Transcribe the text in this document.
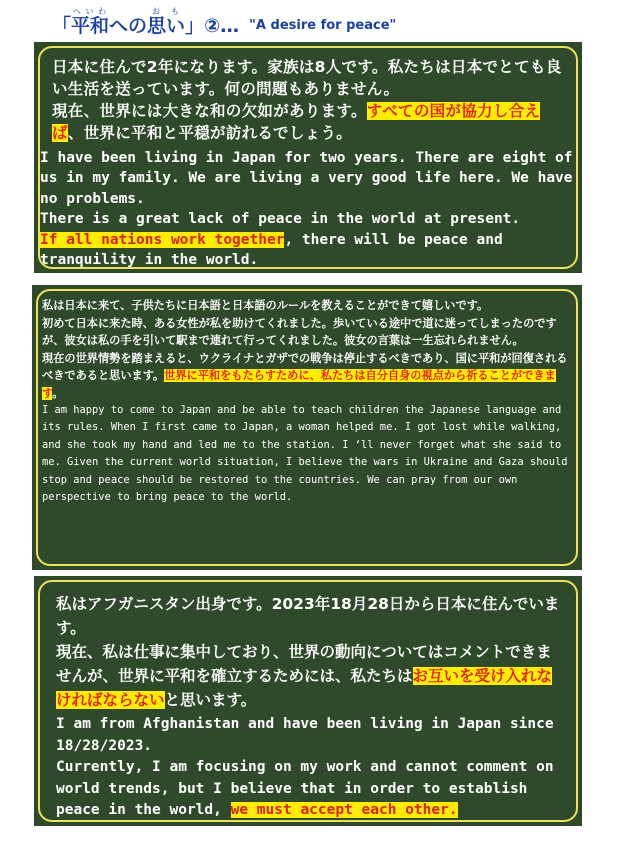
「 平和へいわ
への 思いおも
」②… "A desire for peace"

日本に住んで2年になります。家族は8人です。私たちは日本でとても良い生活を送っています。何の問題もありません。
現在、世界には大きな和の欠如があります。すべての国が協力し合えば、世界に平和と平穏が訪れるでしょう。

I have been living in Japan for two years. There are eight of us in my family. We are living a very good life here. We have no problems.
There is a great lack of peace in the world at present.
If all nations work together, there will be peace and tranquility in the world.

私は日本に来て、子供たちに日本語と日本語のルールを教えることができて嬉しいです。
初めて日本に来た時、ある女性が私を助けてくれました。歩いている途中で道に迷ってしまったのですが、彼女は私の手を引いて駅まで連れて行ってくれました。彼女の言葉は一生忘れられません。
現在の世界情勢を踏まえると、ウクライナとガザでの戦争は停止するべきであり、国に平和が回復されるべきであると思います。世界に平和をもたらすために、私たちは自分自身の視点から祈ることができます。

I am happy to come to Japan and be able to teach children the Japanese language and its rules. When I first came to Japan, a woman helped me. I got lost while walking, and she took my hand and led me to the station. I ‘ll never forget what she said to me. Given the current world situation, I believe the wars in Ukraine and Gaza should stop and peace should be restored to the countries. We can pray from our own perspective to bring peace to the world.

私はアフガニスタン出身です。2023年18月28日から日本に住んでいます。
現在、私は仕事に集中しており、世界の動向についてはコメントできませんが、世界に平和を確立するためには、私たちはお互いを受け入れなければならないと思います。

I am from Afghanistan and have been living in Japan since 18/28/2023.
Currently, I am focusing on my work and cannot comment on world trends, but I believe that in order to establish peace in the world, we must accept each other.
